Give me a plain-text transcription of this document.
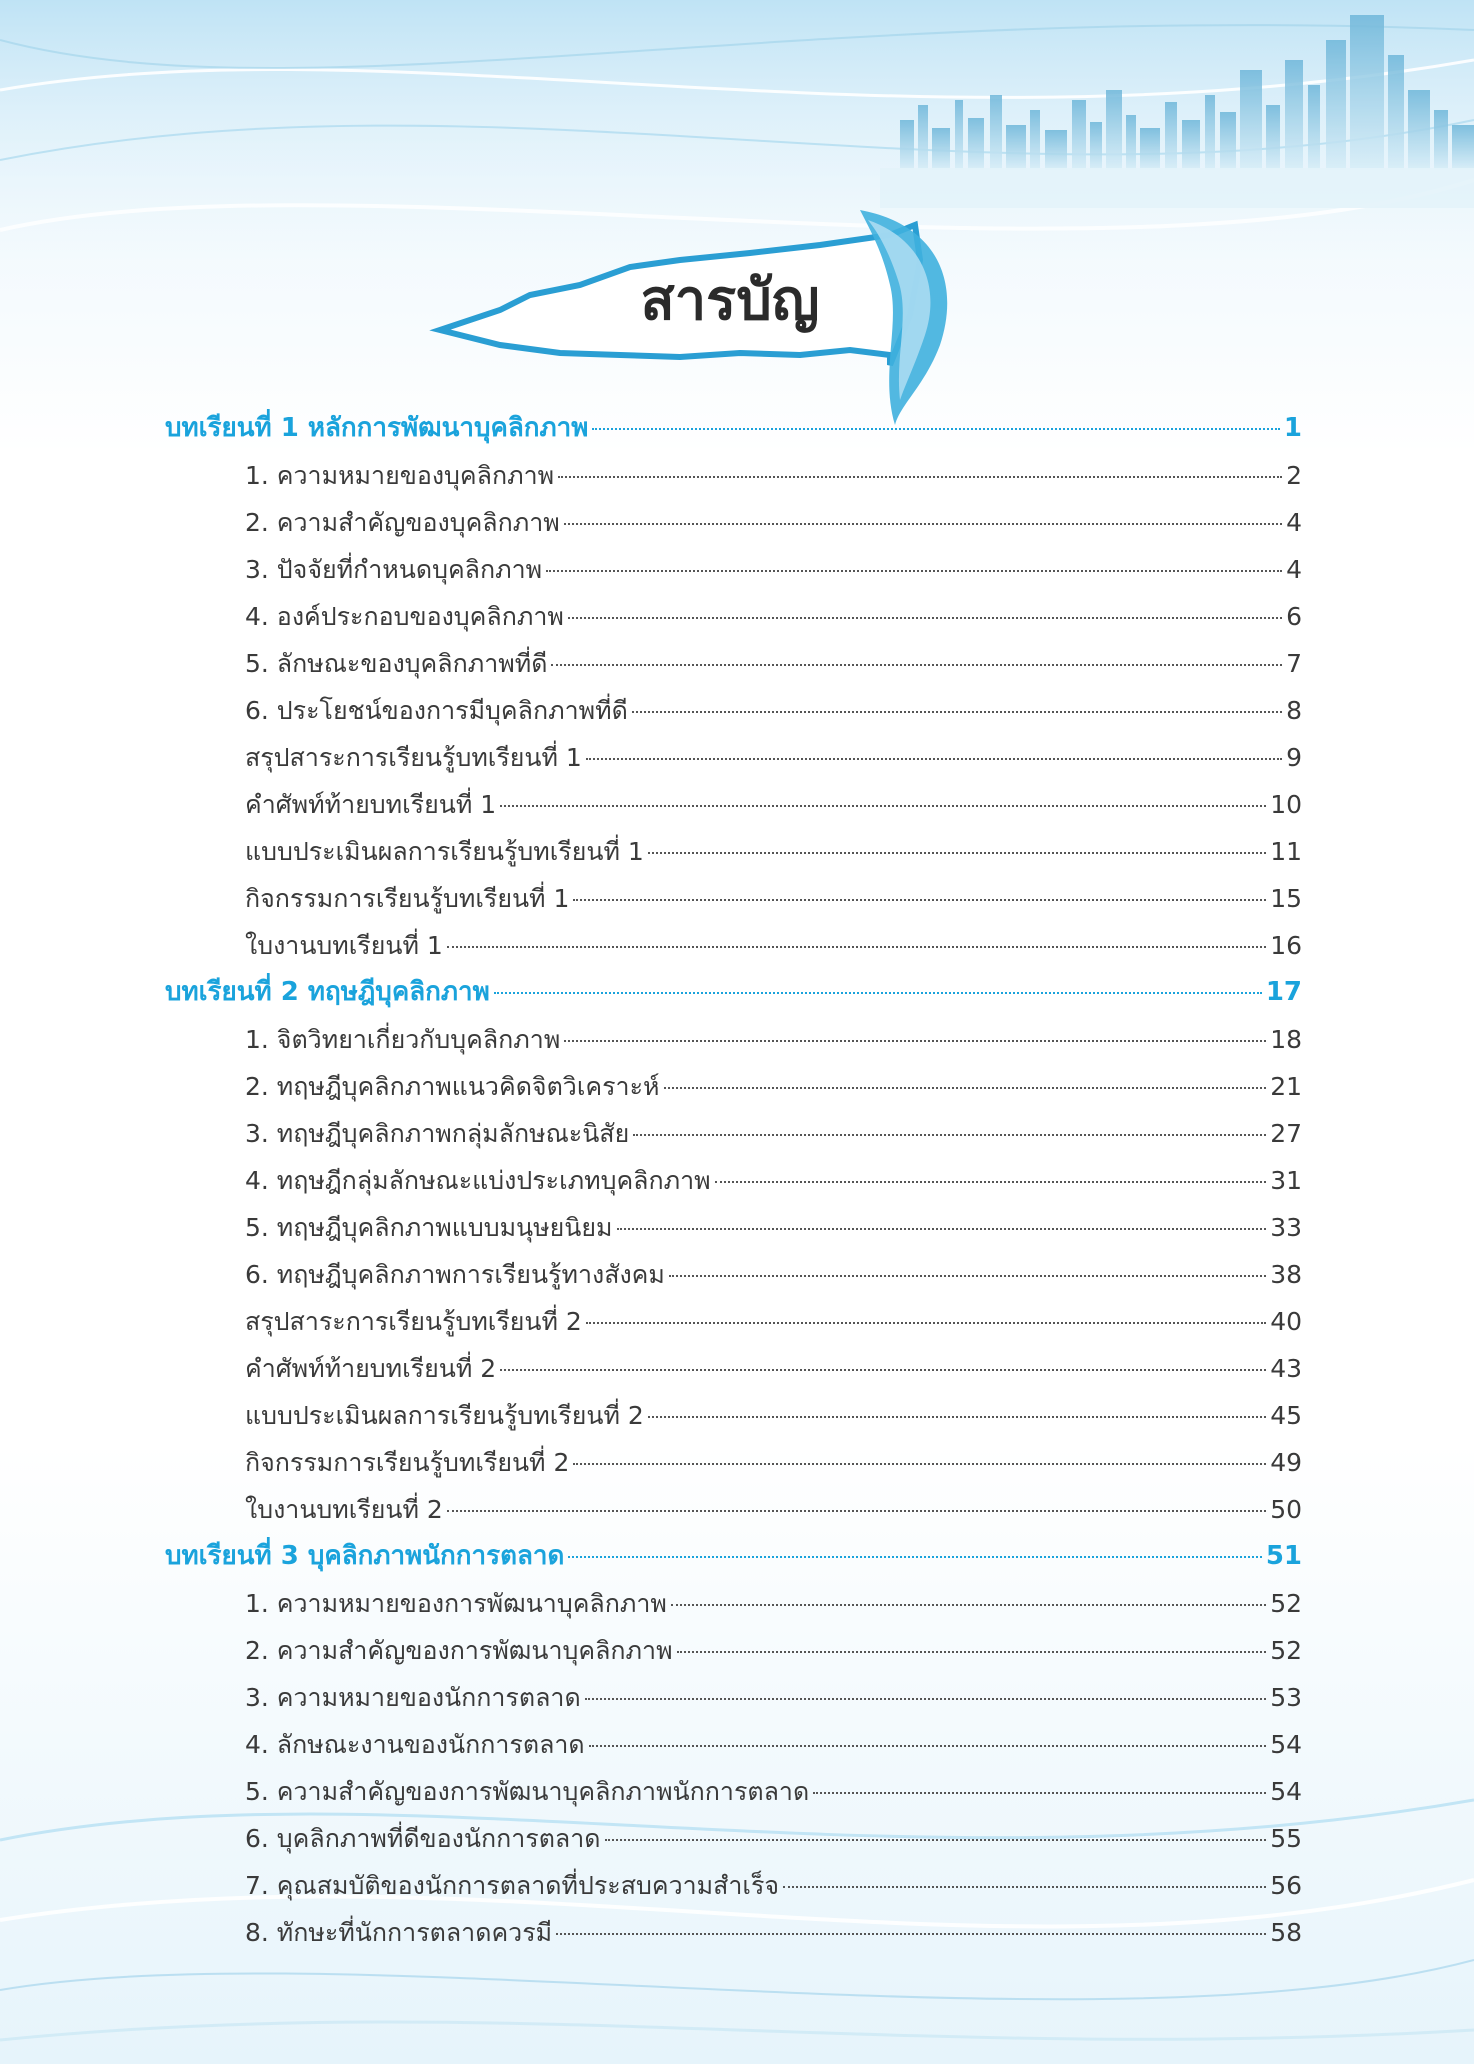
สารบัญ
บทเรียนที่ 1 หลักการพัฒนาบุคลิกภาพ	1
1. ความหมายของบุคลิกภาพ	2
2. ความสำคัญของบุคลิกภาพ	4
3. ปัจจัยที่กำหนดบุคลิกภาพ	4
4. องค์ประกอบของบุคลิกภาพ	6
5. ลักษณะของบุคลิกภาพที่ดี	7
6. ประโยชน์ของการมีบุคลิกภาพที่ดี	8
สรุปสาระการเรียนรู้บทเรียนที่ 1	9
คำศัพท์ท้ายบทเรียนที่ 1	10
แบบประเมินผลการเรียนรู้บทเรียนที่ 1	11
กิจกรรมการเรียนรู้บทเรียนที่ 1	15
ใบงานบทเรียนที่ 1	16
บทเรียนที่ 2 ทฤษฎีบุคลิกภาพ	17
1. จิตวิทยาเกี่ยวกับบุคลิกภาพ	18
2. ทฤษฎีบุคลิกภาพแนวคิดจิตวิเคราะห์	21
3. ทฤษฎีบุคลิกภาพกลุ่มลักษณะนิสัย	27
4. ทฤษฎีกลุ่มลักษณะแบ่งประเภทบุคลิกภาพ	31
5. ทฤษฎีบุคลิกภาพแบบมนุษยนิยม	33
6. ทฤษฎีบุคลิกภาพการเรียนรู้ทางสังคม	38
สรุปสาระการเรียนรู้บทเรียนที่ 2	40
คำศัพท์ท้ายบทเรียนที่ 2	43
แบบประเมินผลการเรียนรู้บทเรียนที่ 2	45
กิจกรรมการเรียนรู้บทเรียนที่ 2	49
ใบงานบทเรียนที่ 2	50
บทเรียนที่ 3 บุคลิกภาพนักการตลาด	51
1. ความหมายของการพัฒนาบุคลิกภาพ	52
2. ความสำคัญของการพัฒนาบุคลิกภาพ	52
3. ความหมายของนักการตลาด	53
4. ลักษณะงานของนักการตลาด	54
5. ความสำคัญของการพัฒนาบุคลิกภาพนักการตลาด	54
6. บุคลิกภาพที่ดีของนักการตลาด	55
7. คุณสมบัติของนักการตลาดที่ประสบความสำเร็จ	56
8. ทักษะที่นักการตลาดควรมี	58
